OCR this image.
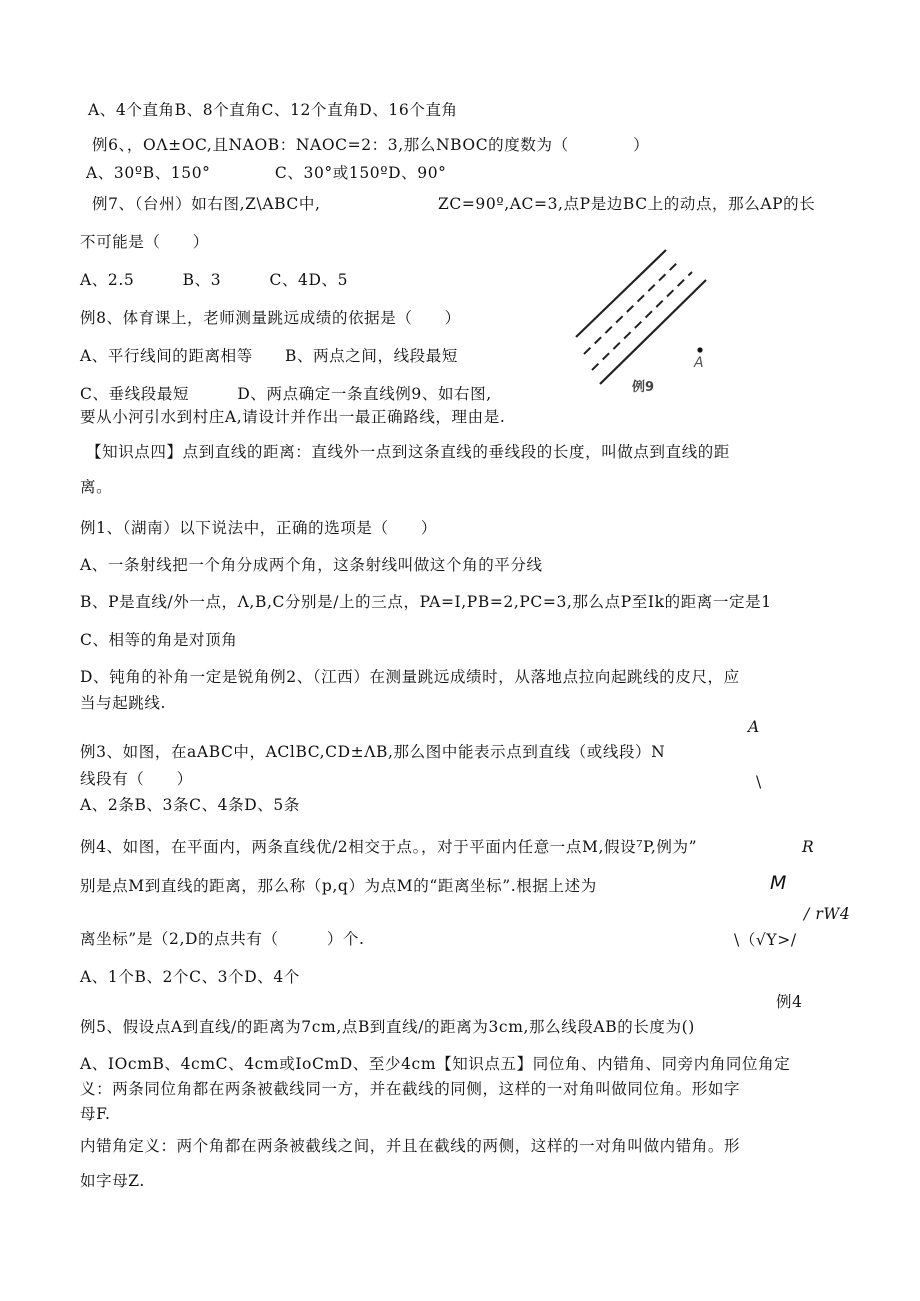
A、4个直角B、8个直角C、12个直角D、16个直角
例6、，OΛ±OC,且NAOB：NAOC=2：3,那么NBOC的度数为（　　　　）
A、30ºB、150°　　　　C、30°或150ºD、90°
例7、（台州）如右图,Z\ABC中,	ZC=90º,AC=3,点P是边BC上的动点，那么AP的长
不可能是（　　）
A、2.5　　　B、3　　　C、4D、5
例8、体育课上，老师测量跳远成绩的依据是（　　）
A、平行线间的距离相等　　B、两点之间，线段最短
C、垂线段最短　　　D、两点确定一条直线例9、如右图,
要从小河引水到村庄A,请设计并作出一最正确路线，理由是.
【知识点四】点到直线的距离：直线外一点到这条直线的垂线段的长度，叫做点到直线的距
离。
例1、（湖南）以下说法中，正确的选项是（　　）
A、一条射线把一个角分成两个角，这条射线叫做这个角的平分线
B、P是直线/外一点，Λ,B,C分别是/上的三点，PA=I,PB=2,PC=3,那么点P至Ik的距离一定是1
C、相等的角是对顶角
D、钝角的补角一定是锐角例2、（江西）在测量跳远成绩时，从落地点拉向起跳线的皮尺，应
当与起跳线.
例3、如图，在aABC中，AClBC,CD±ΛB,那么图中能表示点到直线（或线段）N
线段有（　　）
A、2条B、3条C、4条D、5条
例4、如图，在平面内，两条直线优/2相交于点。，对于平面内任意一点M,假设⁷P,例为”
别是点M到直线的距离，那么称（p,q）为点M的“距离坐标”.根据上述为
离坐标”是（2,D的点共有（　　　）个.
A、1个B、2个C、3个D、4个
例5、假设点A到直线/的距离为7cm,点B到直线/的距离为3cm,那么线段AB的长度为()
A、IOcmB、4cmC、4cm或IoCmD、至少4cm【知识点五】同位角、内错角、同旁内角同位角定
义：两条同位角都在两条被截线同一方，并在截线的同侧，这样的一对角叫做同位角。形如字
母F.
内错角定义：两个角都在两条被截线之间，并且在截线的两侧，这样的一对角叫做内错角。形
如字母Z.
A
例9
A
\
R
M
/ rW4
\（√Y>/
例4
